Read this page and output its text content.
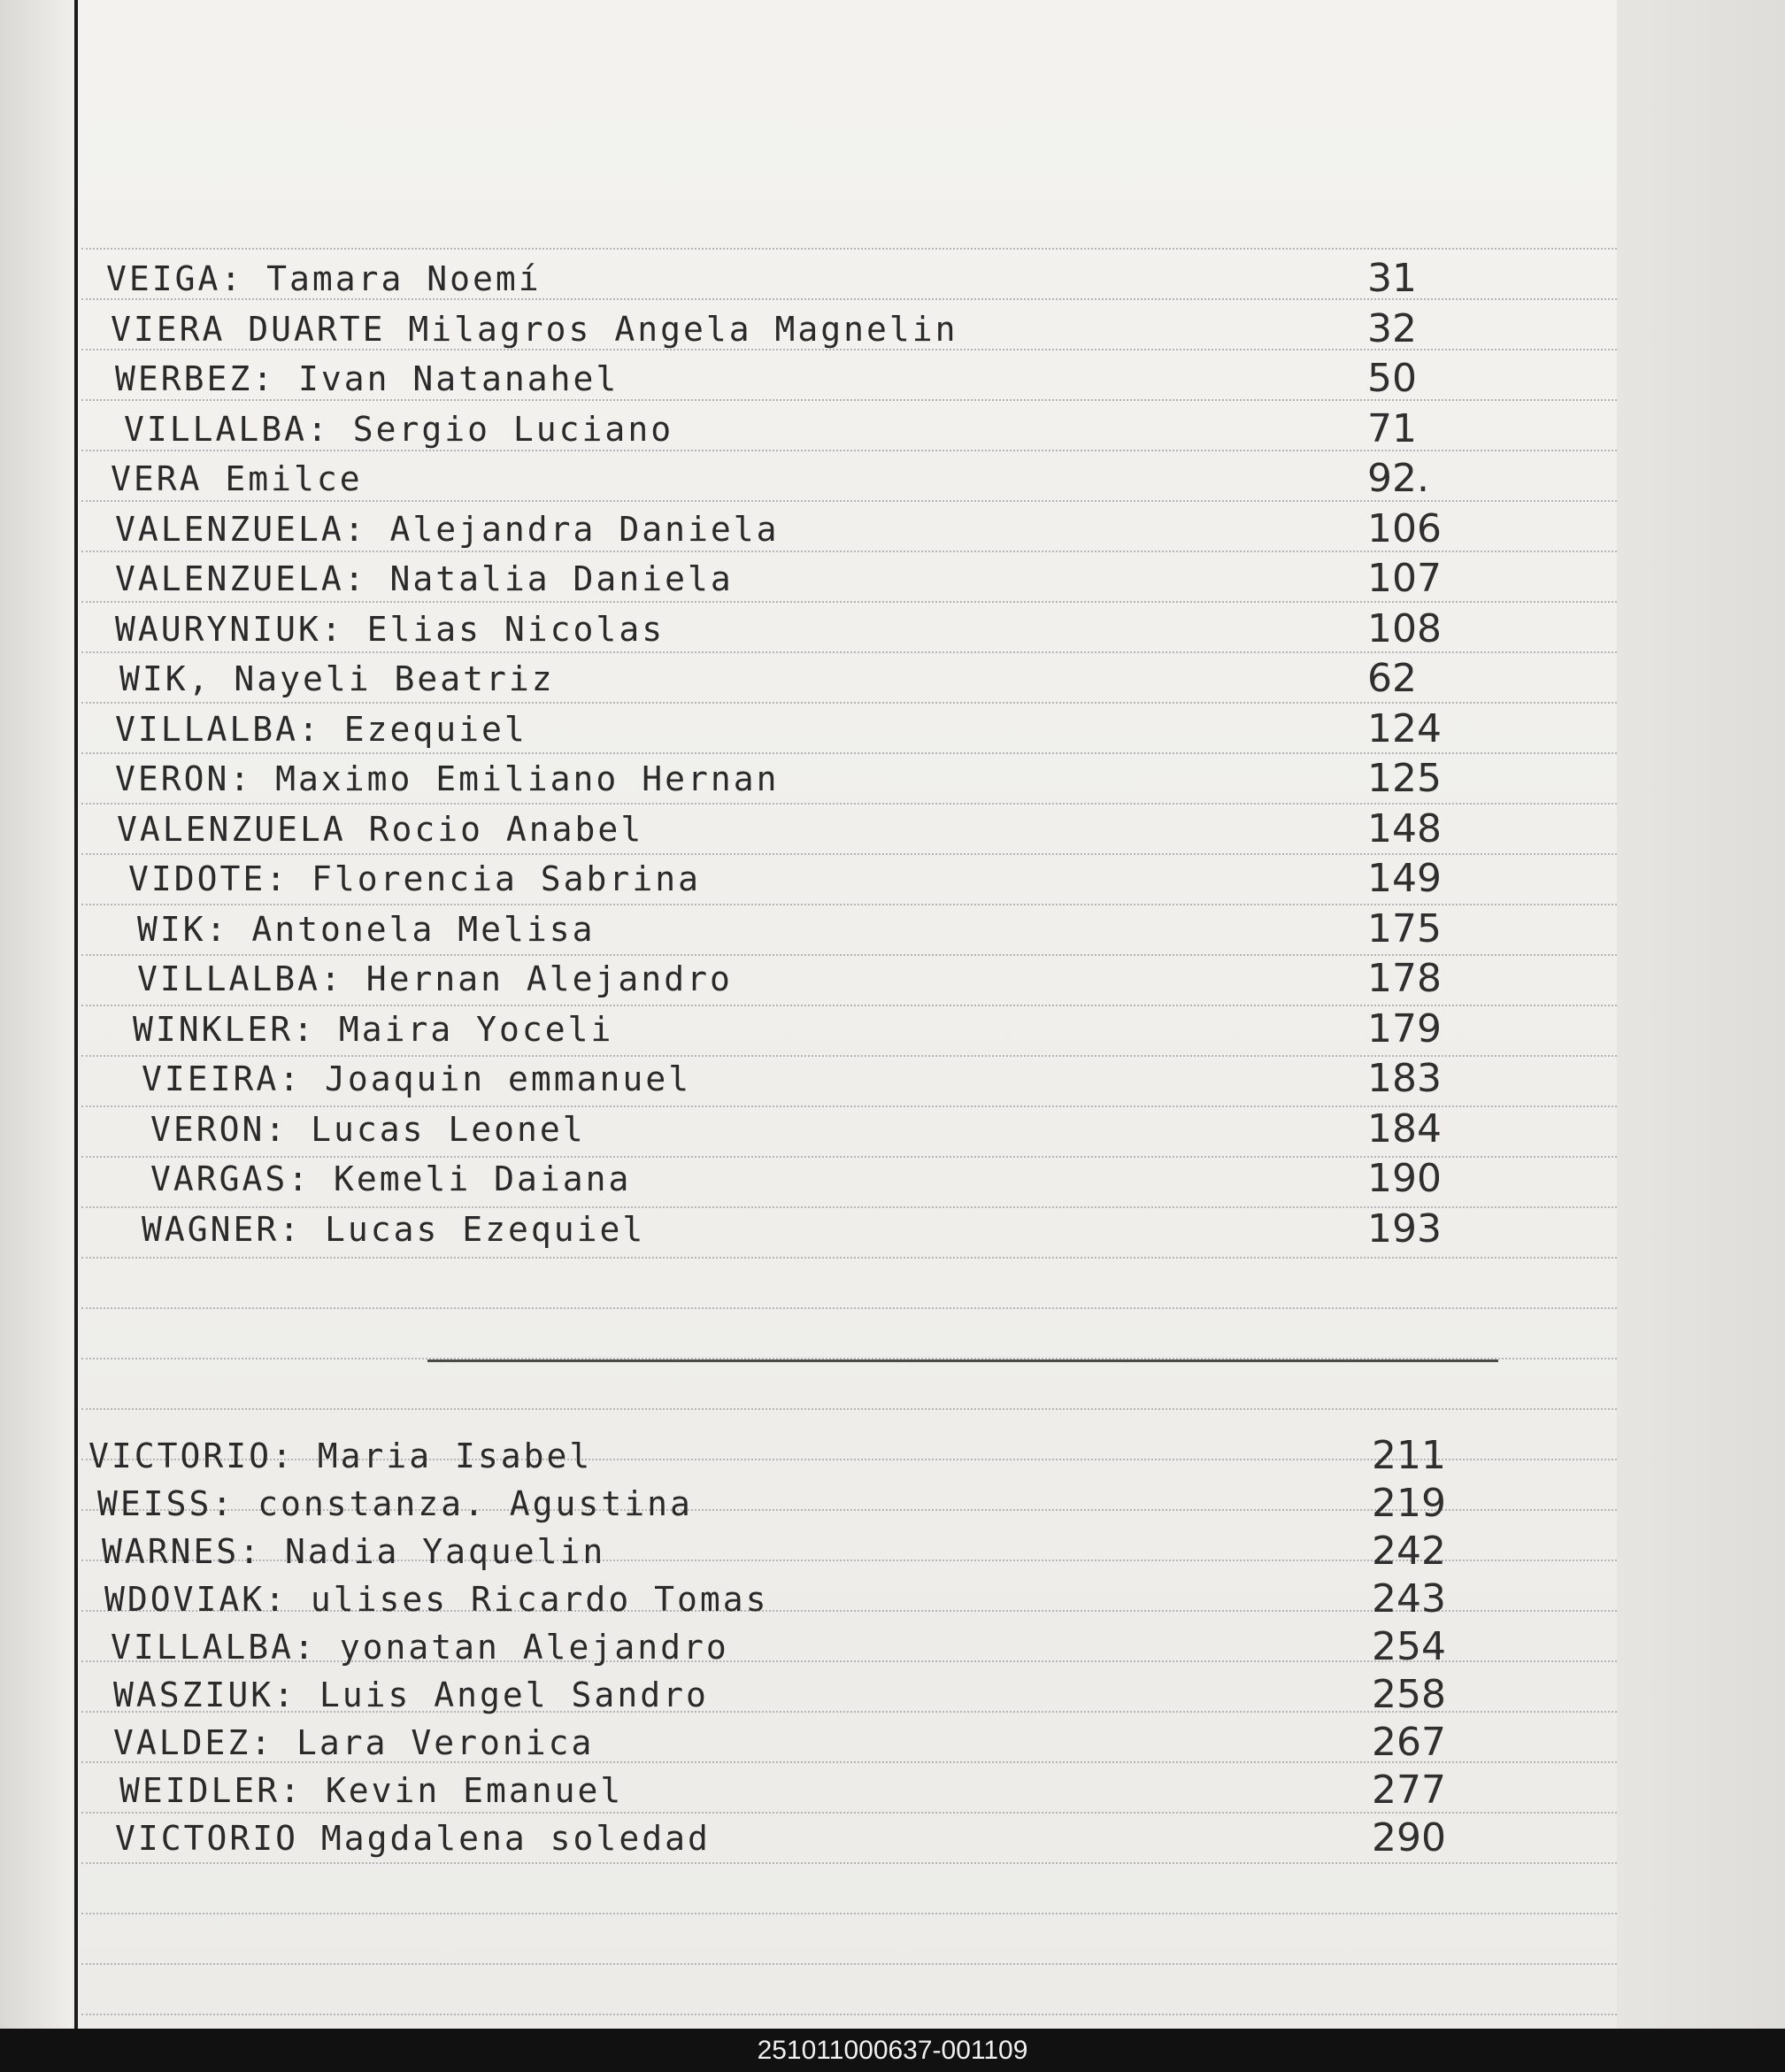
VEIGA: Tamara Noemí	31
VIERA DUARTE Milagros Angela Magnelin	32
WERBEZ: Ivan Natanahel	50
VILLALBA: Sergio Luciano	71
VERA Emilce	92.
VALENZUELA: Alejandra Daniela	106
VALENZUELA: Natalia Daniela	107
WAURYNIUK: Elias Nicolas	108
WIK, Nayeli Beatriz	62
VILLALBA: Ezequiel	124
VERON: Maximo Emiliano Hernan	125
VALENZUELA Rocio Anabel	148
VIDOTE: Florencia Sabrina	149
WIK: Antonela Melisa	175
VILLALBA: Hernan Alejandro	178
WINKLER: Maira Yoceli	179
VIEIRA: Joaquin emmanuel	183
VERON: Lucas Leonel	184
VARGAS: Kemeli Daiana	190
WAGNER: Lucas Ezequiel	193
VICTORIO: Maria Isabel	211
WEISS: constanza. Agustina	219
WARNES: Nadia Yaquelin	242
WDOVIAK: ulises Ricardo Tomas	243
VILLALBA: yonatan Alejandro	254
WASZIUK: Luis Angel Sandro	258
VALDEZ: Lara Veronica	267
WEIDLER: Kevin Emanuel	277
VICTORIO Magdalena soledad	290
251011000637-001109
